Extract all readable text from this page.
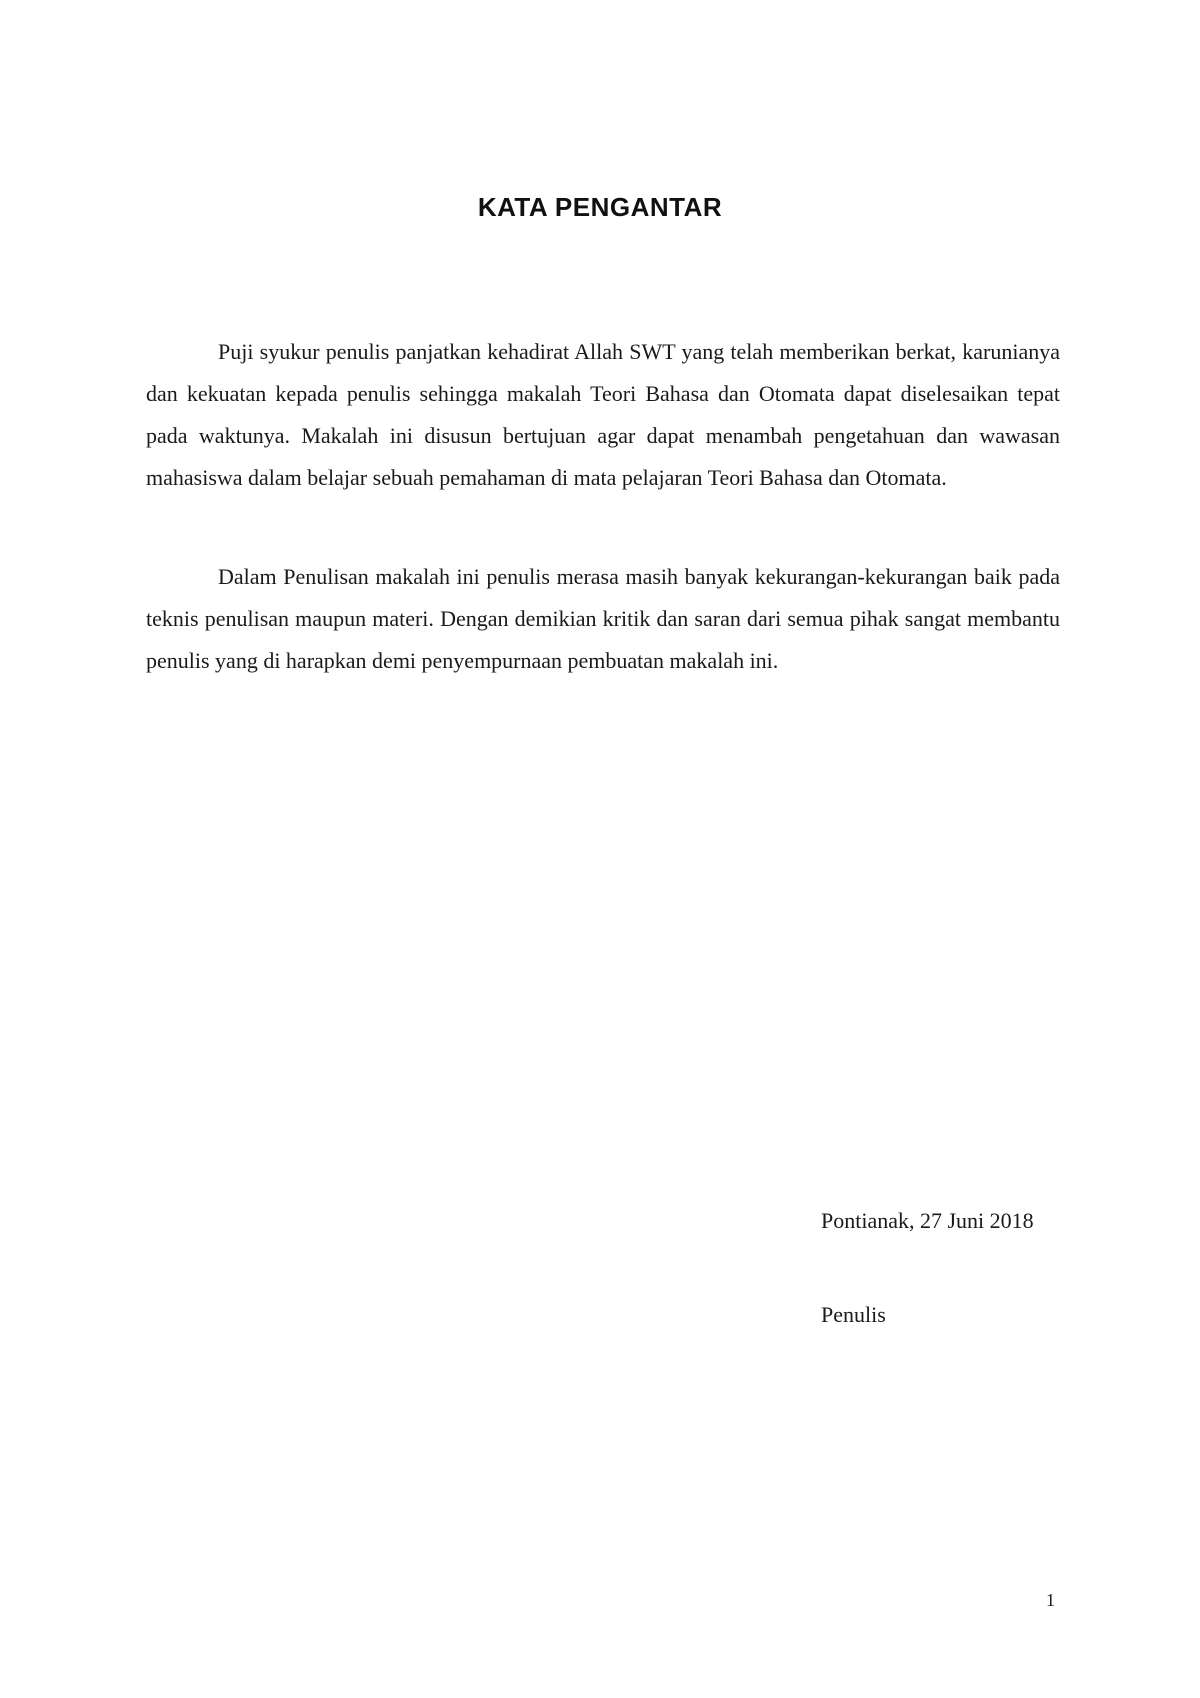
KATA PENGANTAR

Puji syukur penulis panjatkan kehadirat Allah SWT yang telah memberikan berkat, karunianya dan kekuatan kepada penulis sehingga makalah Teori Bahasa dan Otomata dapat diselesaikan tepat pada waktunya. Makalah ini disusun bertujuan agar dapat menambah pengetahuan dan wawasan mahasiswa dalam belajar sebuah pemahaman di mata pelajaran Teori Bahasa dan Otomata.

Dalam Penulisan makalah ini penulis merasa masih banyak kekurangan-kekurangan baik pada teknis penulisan maupun materi. Dengan demikian kritik dan saran dari semua pihak sangat membantu penulis yang di harapkan demi penyempurnaan pembuatan makalah ini.

Pontianak, 27 Juni 2018
Penulis
1
